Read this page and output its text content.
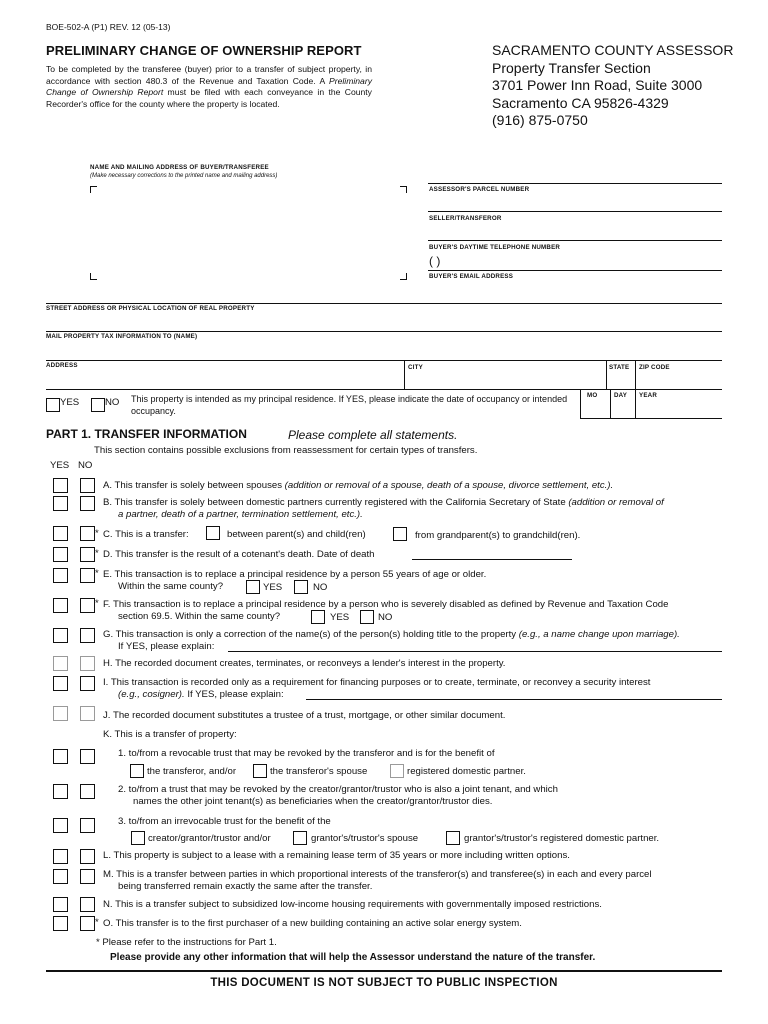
BOE-502-A (P1) REV. 12 (05-13)
PRELIMINARY CHANGE OF OWNERSHIP REPORT
To be completed by the transferee (buyer) prior to a transfer of subject property, in accordance with section 480.3 of the Revenue and Taxation Code. A Preliminary Change of Ownership Report must be filed with each conveyance in the County Recorder's office for the county where the property is located.
SACRAMENTO COUNTY ASSESSOR
Property Transfer Section
3701 Power Inn Road, Suite 3000
Sacramento CA 95826-4329
(916) 875-0750
NAME AND MAILING ADDRESS OF BUYER/TRANSFEREE
(Make necessary corrections to the printed name and mailing address)
ASSESSOR'S PARCEL NUMBER
SELLER/TRANSFEROR
BUYER'S DAYTIME TELEPHONE NUMBER
( )
BUYER'S EMAIL ADDRESS
STREET ADDRESS OR PHYSICAL LOCATION OF REAL PROPERTY
MAIL PROPERTY TAX INFORMATION TO (NAME)
ADDRESS	CITY	STATE ZIP CODE
YES	NO This property is intended as my principal residence. If YES, please indicate the date of occupancy or intended occupancy.
MO	DAY YEAR
PART 1. TRANSFER INFORMATION	Please complete all statements.
This section contains possible exclusions from reassessment for certain types of transfers.
YES NO
A. This transfer is solely between spouses (addition or removal of a spouse, death of a spouse, divorce settlement, etc.).
B. This transfer is solely between domestic partners currently registered with the California Secretary of State (addition or removal of
a partner, death of a partner, termination settlement, etc.).
* C. This is a transfer:	between parent(s) and child(ren)	from grandparent(s) to grandchild(ren).
* D. This transfer is the result of a cotenant's death. Date of death
* E. This transaction is to replace a principal residence by a person 55 years of age or older.
Within the same county?	YES	NO
* F. This transaction is to replace a principal residence by a person who is severely disabled as defined by Revenue and Taxation Code
section 69.5. Within the same county?	YES	NO
G. This transaction is only a correction of the name(s) of the person(s) holding title to the property (e.g., a name change upon marriage).
If YES, please explain:
H. The recorded document creates, terminates, or reconveys a lender's interest in the property.
I. This transaction is recorded only as a requirement for financing purposes or to create, terminate, or reconvey a security interest
(e.g., cosigner). If YES, please explain:
J. The recorded document substitutes a trustee of a trust, mortgage, or other similar document.
K. This is a transfer of property:
1. to/from a revocable trust that may be revoked by the transferor and is for the benefit of
the transferor, and/or	the transferor's spouse	registered domestic partner.
2. to/from a trust that may be revoked by the creator/grantor/trustor who is also a joint tenant, and which
names the other joint tenant(s) as beneficiaries when the creator/grantor/trustor dies.
3. to/from an irrevocable trust for the benefit of the
creator/grantor/trustor and/or	grantor's/trustor's spouse	grantor's/trustor's registered domestic partner.
L. This property is subject to a lease with a remaining lease term of 35 years or more including written options.
M. This is a transfer between parties in which proportional interests of the transferor(s) and transferee(s) in each and every parcel
being transferred remain exactly the same after the transfer.
N. This is a transfer subject to subsidized low-income housing requirements with governmentally imposed restrictions.
* O. This transfer is to the first purchaser of a new building containing an active solar energy system.
* Please refer to the instructions for Part 1.
Please provide any other information that will help the Assessor understand the nature of the transfer.
THIS DOCUMENT IS NOT SUBJECT TO PUBLIC INSPECTION
